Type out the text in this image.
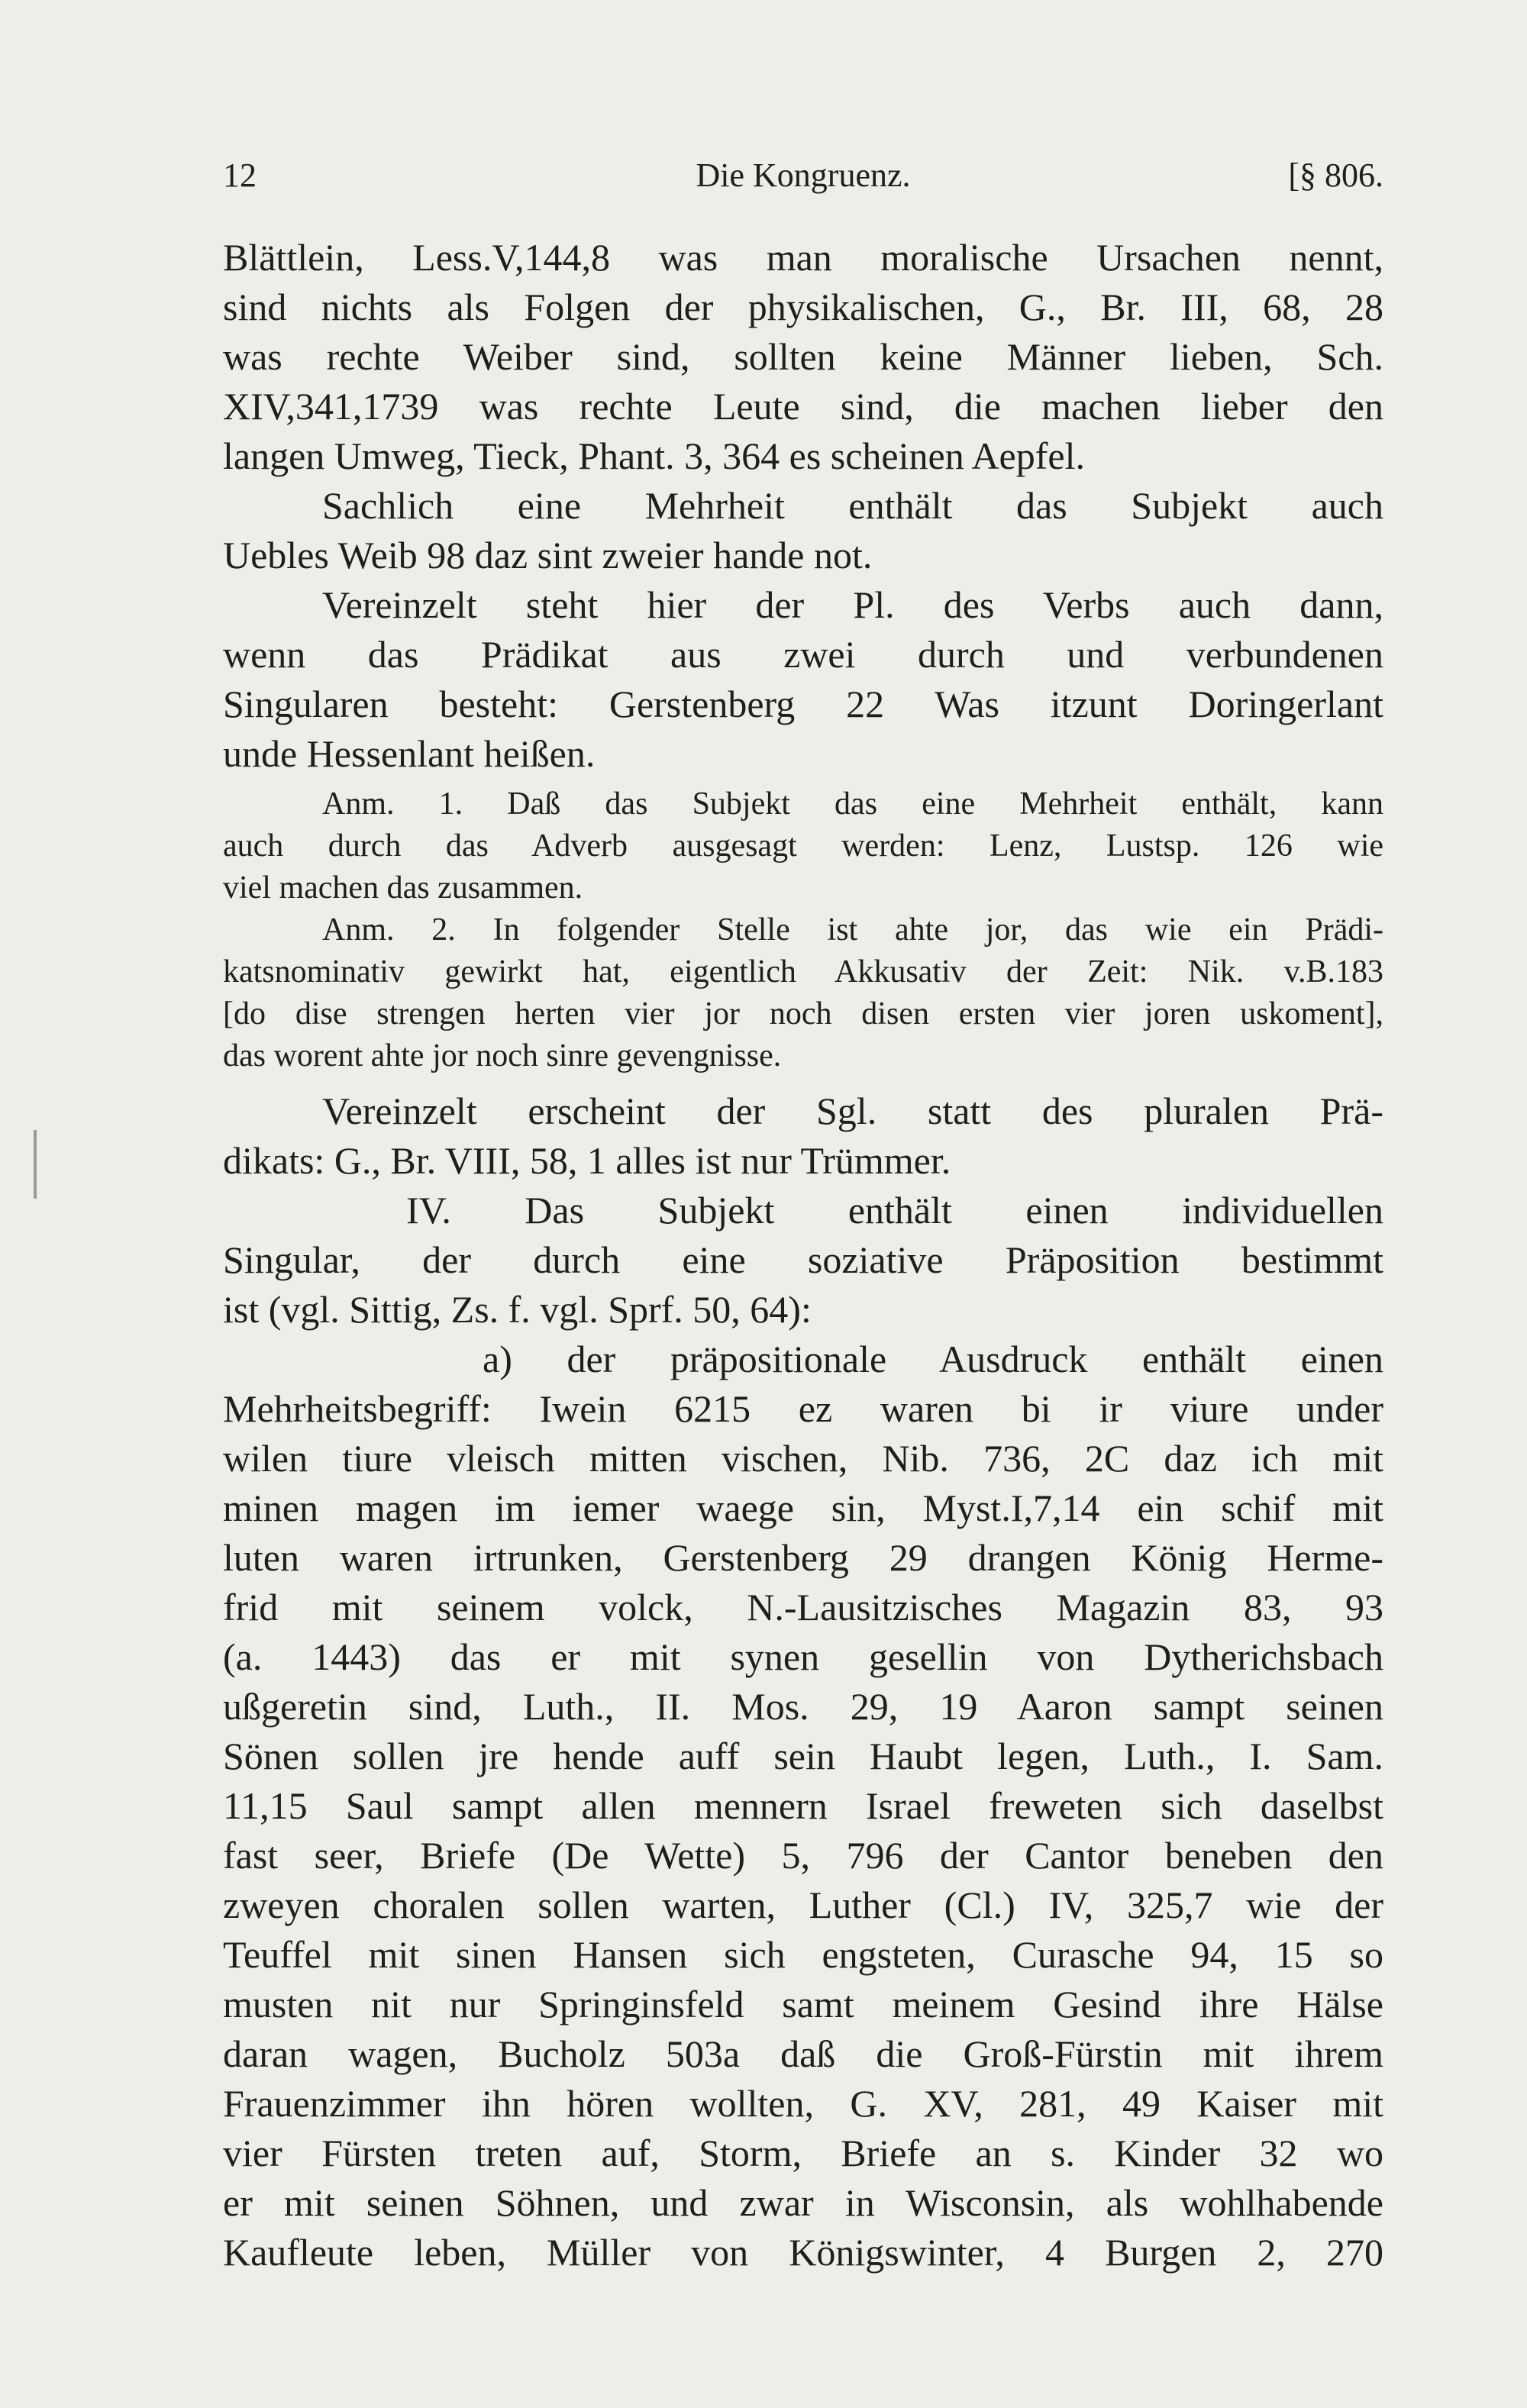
12	Die Kongruenz.	[§ 806.
Blättlein, Less.V,144,8 was man moralische Ursachen nennt,
sind nichts als Folgen der physikalischen, G., Br. III, 68, 28
was rechte Weiber sind, sollten keine Männer lieben, Sch.
XIV,341,1739 was rechte Leute sind, die machen lieber den
langen Umweg, Tieck, Phant. 3, 364 es scheinen Aepfel.
Sachlich eine Mehrheit enthält das Subjekt auch
Uebles Weib 98 daz sint zweier hande not.
Vereinzelt steht hier der Pl. des Verbs auch dann,
wenn das Prädikat aus zwei durch und verbundenen
Singularen besteht: Gerstenberg 22 Was itzunt Doringerlant
unde Hessenlant heißen.
Anm. 1. Daß das Subjekt das eine Mehrheit enthält, kann
auch durch das Adverb ausgesagt werden: Lenz, Lustsp. 126 wie
viel machen das zusammen.
Anm. 2. In folgender Stelle ist ahte jor, das wie ein Prädi-
katsnominativ gewirkt hat, eigentlich Akkusativ der Zeit: Nik. v.B.183
[do dise strengen herten vier jor noch disen ersten vier joren uskoment],
das worent ahte jor noch sinre gevengnisse.
Vereinzelt erscheint der Sgl. statt des pluralen Prä-
dikats: G., Br. VIII, 58, 1 alles ist nur Trümmer.
IV. Das Subjekt enthält einen individuellen
Singular, der durch eine soziative Präposition bestimmt
ist (vgl. Sittig, Zs. f. vgl. Sprf. 50, 64):
a) der präpositionale Ausdruck enthält einen
Mehrheitsbegriff: Iwein 6215 ez waren bi ir viure under
wilen tiure vleisch mitten vischen, Nib. 736, 2C daz ich mit
minen magen im iemer waege sin, Myst.I,7,14 ein schif mit
luten waren irtrunken, Gerstenberg 29 drangen König Herme-
frid mit seinem volck, N.-Lausitzisches Magazin 83, 93
(a. 1443) das er mit synen gesellin von Dytherichsbach
ußgeretin sind, Luth., II. Mos. 29, 19 Aaron sampt seinen
Sönen sollen jre hende auff sein Haubt legen, Luth., I. Sam.
11,15 Saul sampt allen mennern Israel freweten sich daselbst
fast seer, Briefe (De Wette) 5, 796 der Cantor beneben den
zweyen choralen sollen warten, Luther (Cl.) IV, 325,7 wie der
Teuffel mit sinen Hansen sich engsteten, Curasche 94, 15 so
musten nit nur Springinsfeld samt meinem Gesind ihre Hälse
daran wagen, Bucholz 503a daß die Groß-Fürstin mit ihrem
Frauenzimmer ihn hören wollten, G. XV, 281, 49 Kaiser mit
vier Fürsten treten auf, Storm, Briefe an s. Kinder 32 wo
er mit seinen Söhnen, und zwar in Wisconsin, als wohlhabende
Kaufleute leben, Müller von Königswinter, 4 Burgen 2, 270
